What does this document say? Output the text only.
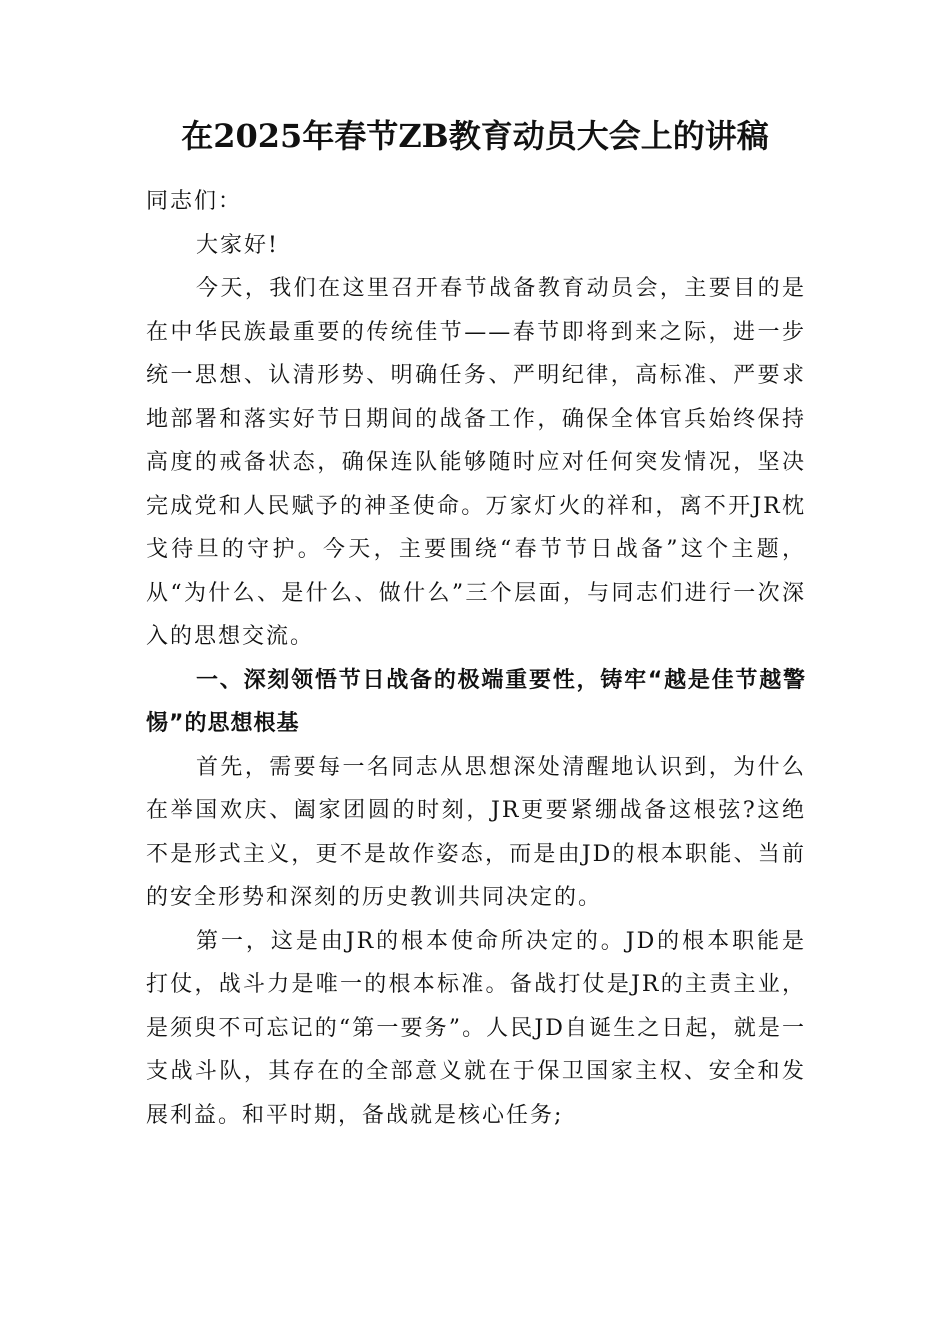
在2025年春节ZB教育动员大会上的讲稿

同志们：

大家好!

今天，我们在这里召开春节战备教育动员会，主要目的是在中华民族最重要的传统佳节——春节即将到来之际，进一步统一思想、认清形势、明确任务、严明纪律，高标准、严要求地部署和落实好节日期间的战备工作，确保全体官兵始终保持高度的戒备状态，确保连队能够随时应对任何突发情况，坚决完成党和人民赋予的神圣使命。万家灯火的祥和，离不开JR枕戈待旦的守护。今天，主要围绕“春节节日战备”这个主题，从“为什么、是什么、做什么”三个层面，与同志们进行一次深入的思想交流。

一、深刻领悟节日战备的极端重要性，铸牢“越是佳节越警惕”的思想根基

首先，需要每一名同志从思想深处清醒地认识到，为什么在举国欢庆、阖家团圆的时刻，JR更要紧绷战备这根弦?这绝不是形式主义，更不是故作姿态，而是由JD的根本职能、当前的安全形势和深刻的历史教训共同决定的。

第一，这是由JR的根本使命所决定的。JD的根本职能是打仗，战斗力是唯一的根本标准。备战打仗是JR的主责主业，是须臾不可忘记的“第一要务”。人民JD自诞生之日起，就是一支战斗队，其存在的全部意义就在于保卫国家主权、安全和发展利益。和平时期，备战就是核心任务;
